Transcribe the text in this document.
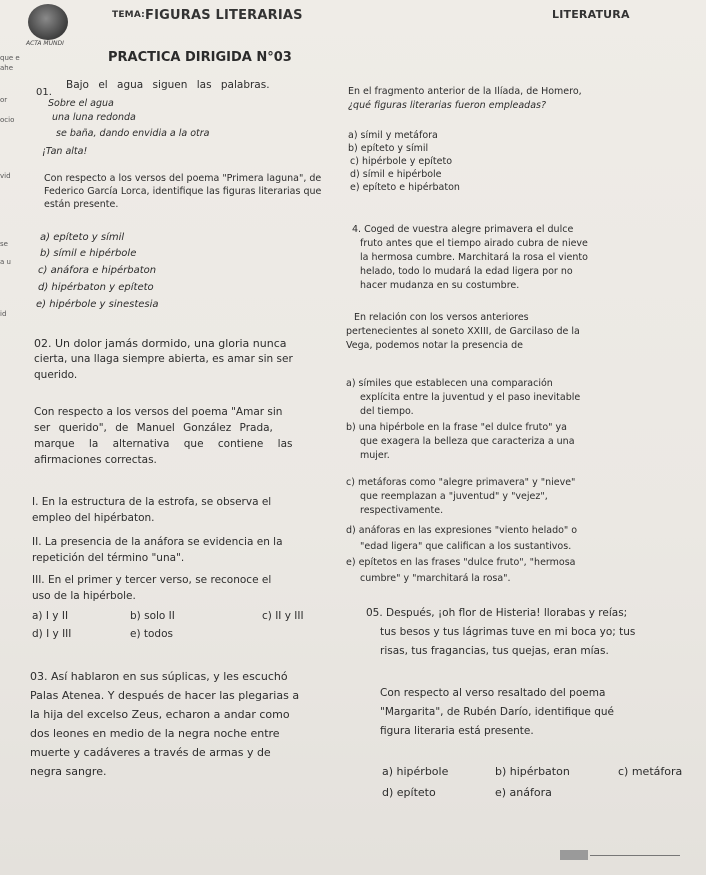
ACTA MUNDI
TEMA: FIGURAS LITERARIAS	LITERATURA
PRACTICA DIRIGIDA N°03
que e
ahe
or
ocio
vid
se
a u
id
01.
Bajo el agua siguen las palabras.
Sobre el agua
una luna redonda
se baña, dando envidia a la otra
¡Tan alta!
Con respecto a los versos del poema "Primera laguna", de Federico García Lorca, identifique las figuras literarias que están presente.
a) epíteto y símil
b) símil e hipérbole
c) anáfora e hipérbaton
d) hipérbaton y epíteto
e) hipérbole y sinestesia
02. Un dolor jamás dormido, una gloria nunca
cierta, una llaga siempre abierta, es amar sin ser
querido.
Con respecto a los versos del poema "Amar sin
ser querido", de Manuel González Prada,
marque la alternativa que contiene las
afirmaciones correctas.
I. En la estructura de la estrofa, se observa el
empleo del hipérbaton.
II. La presencia de la anáfora se evidencia en la
repetición del término "una".
III. En el primer y tercer verso, se reconoce el
uso de la hipérbole.
a) I y II	b) solo II	c) II y III
d) I y III	e) todos
03. Así hablaron en sus súplicas, y les escuchó
Palas Atenea. Y después de hacer las plegarias a
la hija del excelso Zeus, echaron a andar como
dos leones en medio de la negra noche entre
muerte y cadáveres a través de armas y de
negra sangre.
En el fragmento anterior de la Ilíada, de Homero,
¿qué figuras literarias fueron empleadas?
a) símil y metáfora
b) epíteto y símil
c) hipérbole y epíteto
d) símil e hipérbole
e) epíteto e hipérbaton
4. Coged de vuestra alegre primavera el dulce
fruto antes que el tiempo airado cubra de nieve
la hermosa cumbre. Marchitará la rosa el viento
helado, todo lo mudará la edad ligera por no
hacer mudanza en su costumbre.
En relación con los versos anteriores
pertenecientes al soneto XXIII, de Garcilaso de la
Vega, podemos notar la presencia de
a) símiles que establecen una comparación
explícita entre la juventud y el paso inevitable
del tiempo.
b) una hipérbole en la frase "el dulce fruto" ya
que exagera la belleza que caracteriza a una
mujer.
c) metáforas como "alegre primavera" y "nieve"
que reemplazan a "juventud" y "vejez",
respectivamente.
d) anáforas en las expresiones "viento helado" o
"edad ligera" que califican a los sustantivos.
e) epítetos en las frases "dulce fruto", "hermosa
cumbre" y "marchitará la rosa".
05. Después, ¡oh flor de Histeria! llorabas y reías;
tus besos y tus lágrimas tuve en mi boca yo; tus
risas, tus fragancias, tus quejas, eran mías.
Con respecto al verso resaltado del poema
"Margarita", de Rubén Darío, identifique qué
figura literaria está presente.
a) hipérbole	b) hipérbaton	c) metáfora
d) epíteto	e) anáfora
